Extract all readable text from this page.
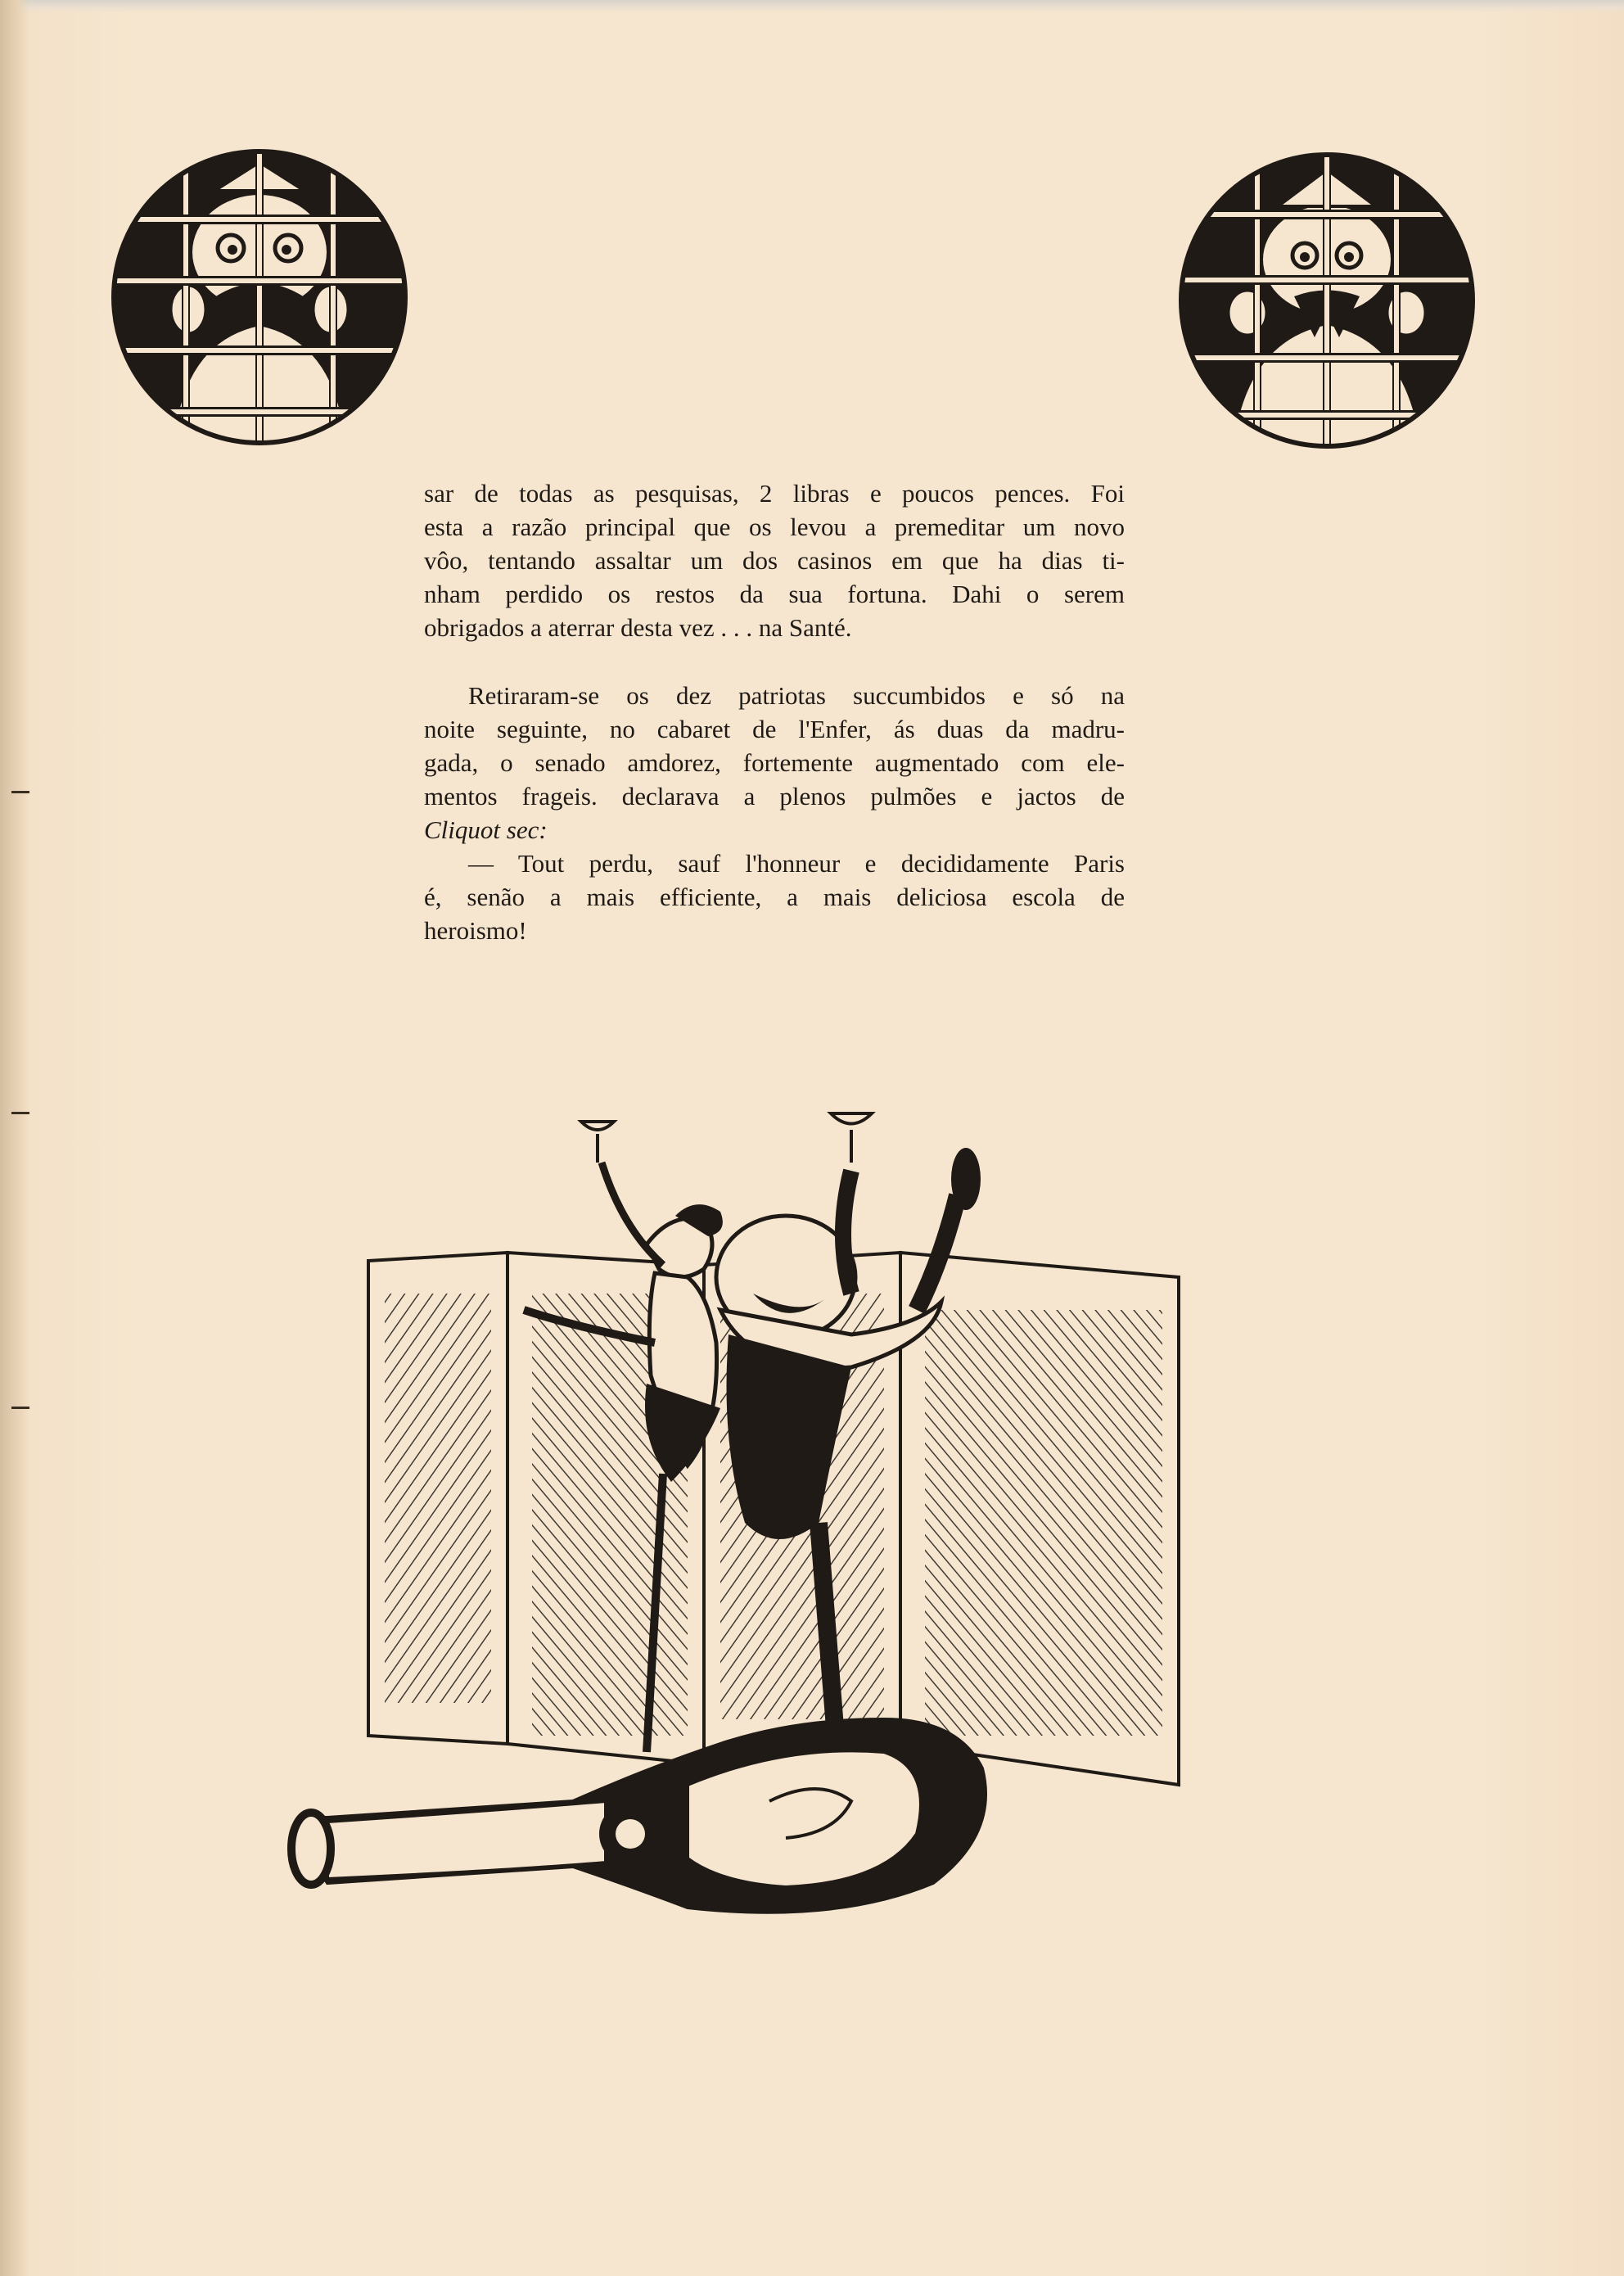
sar de todas as pesquisas, 2 libras e poucos pences. Foi
esta a razão principal que os levou a premeditar um novo
vôo, tentando assaltar um dos casinos em que ha dias ti-
nham perdido os restos da sua fortuna. Dahi o serem
obrigados a aterrar desta vez . . . na Santé.
Retiraram-se os dez patriotas succumbidos e só na
noite seguinte, no cabaret de l'Enfer, ás duas da madru-
gada, o senado amdorez, fortemente augmentado com ele-
mentos frageis. declarava a plenos pulmões e jactos de
Cliquot sec:
— Tout perdu, sauf l'honneur e decididamente Paris
é, senão a mais efficiente, a mais deliciosa escola de
heroismo!
